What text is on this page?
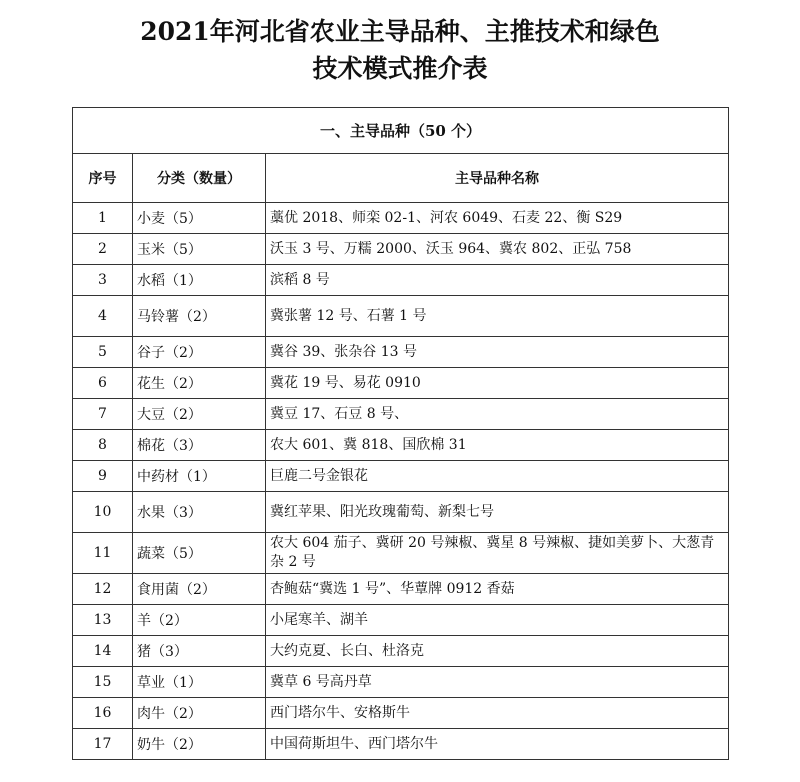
2021年河北省农业主导品种、主推技术和绿色
技术模式推介表
一、主导品种（50 个）		
序号	分类（数量）	主导品种名称
1	小麦（5）	藁优 2018、师栾 02-1、河农 6049、石麦 22、衡 S29
2	玉米（5）	沃玉 3 号、万糯 2000、沃玉 964、冀农 802、正弘 758
3	水稻（1）	滨稻 8 号
4	马铃薯（2）	冀张薯 12 号、石薯 1 号
5	谷子（2）	冀谷 39、张杂谷 13 号
6	花生（2）	冀花 19 号、易花 0910
7	大豆（2）	冀豆 17、石豆 8 号、
8	棉花（3）	农大 601、冀 818、国欣棉 31
9	中药材（1）	巨鹿二号金银花
10	水果（3）	冀红苹果、阳光玫瑰葡萄、新梨七号
11	蔬菜（5）	农大 604 茄子、冀研 20 号辣椒、冀星 8 号辣椒、捷如美萝卜、大葱青杂 2 号
12	食用菌（2）	杏鲍菇“冀选 1 号”、华蕈牌 0912 香菇
13	羊（2）	小尾寒羊、湖羊
14	猪（3）	大约克夏、长白、杜洛克
15	草业（1）	冀草 6 号高丹草
16	肉牛（2）	西门塔尔牛、安格斯牛
17	奶牛（2）	中国荷斯坦牛、西门塔尔牛
